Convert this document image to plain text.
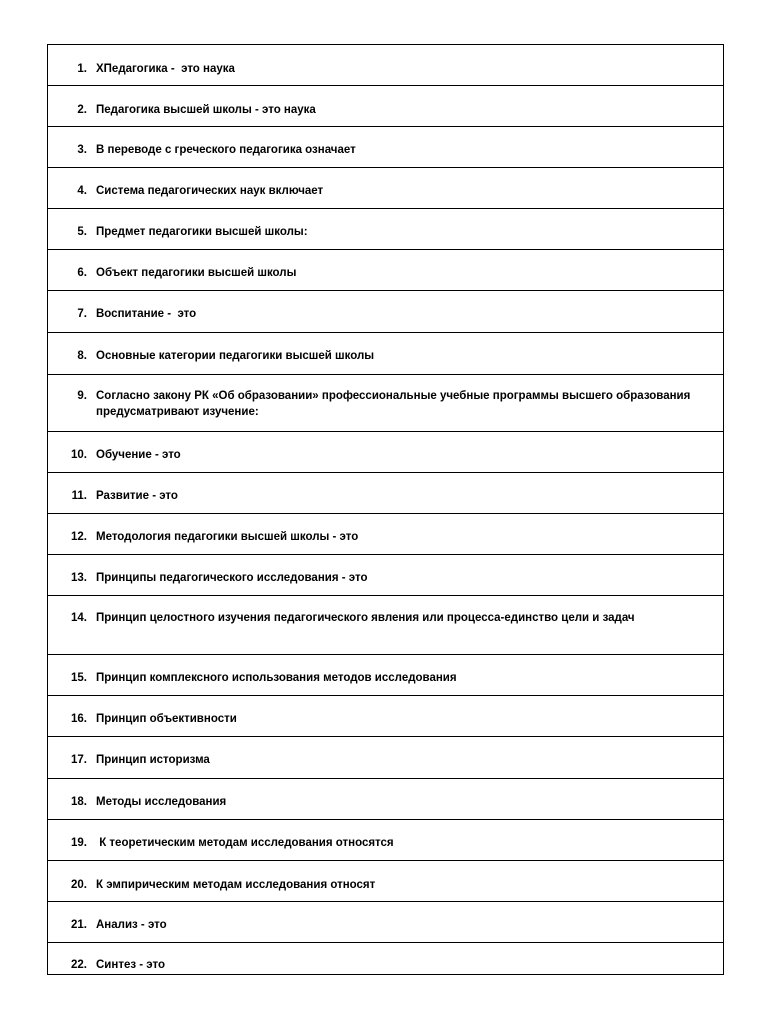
1. ХПедагогика -  это наука
2. Педагогика высшей школы - это наука
3. В переводе с греческого педагогика означает
4. Система педагогических наук включает
5. Предмет педагогики высшей школы:
6. Объект педагогики высшей школы
7. Воспитание -  это
8. Основные категории педагогики высшей школы
9. Согласно закону РК «Об образовании» профессиональные учебные программы высшего образования предусматривают изучение:
10. Обучение - это
11. Развитие - это
12. Методология педагогики высшей школы - это
13. Принципы педагогического исследования - это
14. Принцип целостного изучения педагогического явления или процесса-единство цели и задач
15. Принцип комплексного использования методов исследования
16. Принцип объективности
17. Принцип историзма
18. Методы исследования
19. К теоретическим методам исследования относятся
20. К эмпирическим методам исследования относят
21. Анализ - это
22. Синтез - это
